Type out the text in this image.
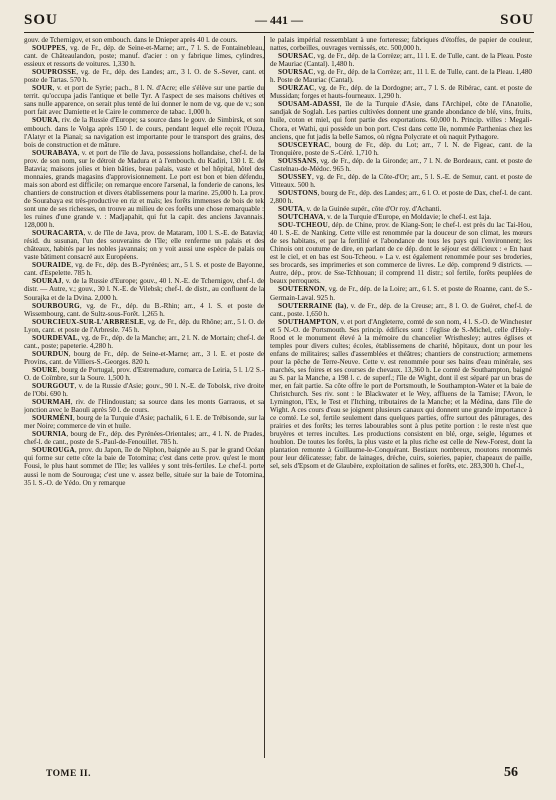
SOU	— 441 —	SOU

gouv. de Tchernigov, et son embouch. dans le Dnieper après 40 l. de cours.

SOUPPES, vg. de Fr., dép. de Seine-et-Marne; arr., 7 l. S. de Fontainebleau, cant. de Châteaulandon, poste; manuf. d'acier : on y fabrique limes, cylindres, essieux et ressorts de voitures. 1,330 h.

SOUPROSSE, vg. de Fr., dép. des Landes; arr., 3 l. O. de S.-Sever, cant. et poste de Tartas. 570 h.

SOUR, v. et port de Syrie; pach., 8 l. N. d'Acre; elle s'élève sur une partie du territ. qu'occupa jadis l'antique et belle Tyr. A l'aspect de ses maisons chétives et sans nulle apparence, on serait plus tenté de lui donner le nom de vg. que de v.; son port fait avec Damiette et le Caire le commerce de tabac. 1,000 h.

SOURA, riv. de la Russie d'Europe; sa source dans le gouv. de Simbirsk, et son embouch. dans le Volga après 150 l. de cours, pendant lequel elle reçoit l'Ouza, l'Alatyr et la Pianai; sa navigation est importante pour le transport des grains, des bois de construction et de mâture.

SOURABAYA, v. et port de l'île de Java, possessions hollandaise, chef-l. de la prov. de son nom, sur le détroit de Madura et à l'embouch. du Kadiri, 130 l. E. de Batavia; maisons jolies et bien bâties, beau palais, vaste et bel hôpital, hôtel des monnaies, grands magasins d'approvisionnement. Le port est bon et bien défendu, mais son abord est difficile; on remarque encore l'arsenal, la fonderie de canons, les chantiers de construction et divers établissemens pour la marine. 25,000 h. La prov. de Sourabaya est très-productive en riz et maïs; les forêts immenses de bois de tek sont une de ses richesses, on trouve au milieu de ces forêts une chose remarquable : les ruines d'une grande v. : Madjapahit, qui fut la capit. des anciens Javannais. 128,000 h.

SOURACARTA, v. de l'île de Java, prov. de Mataram, 100 l. S.-E. de Batavia; résid. du susunan, l'un des souverains de l'île; elle renferme un palais et des châteaux, habités par les nobles javannais; on y voit aussi une espèce de palais ou vaste bâtiment consacré aux Européens.

SOURAIDE, vg. de Fr., dép. des B.-Pyrénées; arr., 5 l. S. et poste de Bayonne, cant. d'Espelette. 785 h.

SOURAJ, v. de la Russie d'Europe; gouv., 40 l. N.-E. de Tchernigov, chef-l. de distr. — Autre, v.; gouv., 30 l. N.-E. de Vilebsk; chef-l. de distr., au confluent de la Sourajka et de la Dvina. 2,000 h.

SOURBOURG, vg. de Fr., dép. du B.-Rhin; arr., 4 l. S. et poste de Wissembourg, cant. de Sultz-sous-Forêt. 1,265 h.

SOURCIEUX-SUR-L'ARBRESLE, vg. de Fr., dép. du Rhône; arr., 5 l. O. de Lyon, cant. et poste de l'Arbresle. 745 h.

SOURDEVAL, vg. de Fr., dép. de la Manche; arr., 2 l. N. de Mortain; chef-l. de cant., poste; papeterie. 4,280 h.

SOURDUN, bourg de Fr., dép. de Seine-et-Marne; arr., 3 l. E. et poste de Provins, cant. de Villiers-S.-Georges. 820 h.

SOURE, bourg de Portugal, prov. d'Estremadure, comarca de Leiria, 5 l. 1/2 S.-O. de Coïmbre, sur la Soure. 1,500 h.

SOURGOUT, v. de la Russie d'Asie; gouv., 90 l. N.-E. de Tobolsk, rive droite de l'Obi. 690 h.

SOURMAH, riv. de l'Hindoustan; sa source dans les monts Garraous, et sa jonction avec le Baouli après 50 l. de cours.

SOURMÉNI, bourg de la Turquie d'Asie; pachalik, 6 l. E. de Trébisonde, sur la mer Noire; commerce de vin et huile.

SOURNIA, bourg de Fr., dép. des Pyrénées-Orientales; arr., 4 l. N. de Prades, chef-l. de cant., poste de S.-Paul-de-Fenouillet. 785 h.

SOUROUGA, prov. du Japon, île de Niphon, baignée au S. par le grand Océan qui forme sur cette côte la baie de Totomina; c'est dans cette prov. qu'est le mont Fousi, le plus haut sommet de l'île; les vallées y sont très-fertiles. Le chef-l. porte aussi le nom de Sourouga; c'est une v. assez belle, située sur la baie de Totomina, 35 l. S.-O. de Yédo. On y remarque

le palais impérial ressemblant à une forteresse; fabriques d'étoffes, de papier de couleur, nattes, corbeilles, ouvrages vernissés, etc. 500,000 h.

SOURSAC, vg. de Fr., dép. de la Corrèze; arr., 11 l. E. de Tulle, cant. de la Pleau. Poste de Mauriac (Cantal). 1,480 h.

SOURSAC, vg. de Fr., dép. de la Corrèze; arr., 11 l. E. de Tulle, cant. de la Pleau. 1,480 h. Poste de Mauriac (Cantal).

SOURZAC, vg. de Fr., dép. de la Dordogne; arr., 7 l. S. de Ribérac, cant. et poste de Mussidan; forges et hauts-fourneaux. 1,290 h.

SOUSAM-ADASSI, île de la Turquie d'Asie, dans l'Archipel, côte de l'Anatolie, sandjak de Soglah. Les parties cultivées donnent une grande abondance de blé, vins, fruits, huile, coton et miel, qui font partie des exportations. 60,000 h. Princip. villes : Megali-Chora, et Wathi, qui possède un bon port. C'est dans cette île, nommée Parthenias chez les anciens, que fut jadis la belle Samos, où régna Polycrate et où naquit Pythagore.

SOUSCEYRAC, bourg de Fr., dép. du Lot; arr., 7 l. N. de Figeac, cant. de la Tronquière, poste de S.-Céré. 1,710 h.

SOUSSANS, vg. de Fr., dép. de la Gironde; arr., 7 l. N. de Bordeaux, cant. et poste de Castelnau-de-Médoc. 965 h.

SOUSSEY, vg. de Fr., dép. de la Côte-d'Or; arr., 5 l. S.-E. de Semur, cant. et poste de Vitteaux. 500 h.

SOUSTONS, bourg de Fr., dép. des Landes; arr., 6 l. O. et poste de Dax, chef-l. de cant. 2,800 h.

SOUTA, v. de la Guinée supér., côte d'Or roy. d'Achanti.

SOUTCHAVA, v. de la Turquie d'Europe, en Moldavie; le chef-l. est Iaja.

SOU-TCHEOU, dép. de Chine, prov. de Kiang-Son; le chef-l. est près du lac Tai-Hou, 40 l. S.-E. de Nanking. Cette ville est renommée par la douceur de son climat, les mœurs de ses habitans, et par la fertilité et l'abondance de tous les pays qui l'environnent; les Chinois ont coutume de dire, en parlant de ce dép. dont le séjour est délicieux : « En haut est le ciel, et en bas est Sou-Tcheou. » La v. est également renommée pour ses broderies, ses brocards, ses imprimeries et son commerce de livres. Le dép. comprend 9 districts. — Autre, dép., prov. de Sse-Tchhouan; il comprend 11 distr.; sol fertile, forêts peuplées de beaux perroquets.

SOUTERNON, vg. de Fr., dép. de la Loire; arr., 6 l. S. et poste de Roanne, cant. de S.-Germain-Laval. 925 h.

SOUTERRAINE (la), v. de Fr., dép. de la Creuse; arr., 8 l. O. de Guéret, chef-l. de cant., poste. 1,650 h.

SOUTHAMPTON, v. et port d'Angleterre, comté de son nom, 4 l. S.-O. de Winchester et 5 N.-O. de Portsmouth. Ses princip. édifices sont : l'église de S.-Michel, celle d'Holy-Rood et le monument élevé à la mémoire du chancelier Wristhesley; autres églises et temples pour divers cultes; écoles, établissemens de charité, hôpitaux, dont un pour les enfans de militaires; salles d'assemblées et théâtres; chantiers de construction; armemens pour la pêche de Terre-Neuve. Cette v. est renommée pour ses bains d'eau minérale, ses marchés, ses foires et ses courses de chevaux. 13,360 h. Le comté de Southampton, baigné au S. par la Manche, a 198 l. c. de superf.; l'île de Wight, dont il est séparé par un bras de mer, en fait partie. Sa côte offre le port de Portsmouth, le Southampton-Water et la baie de Christchurch. Ses riv. sont : le Blackwater et le Wey, affluens de la Tamise; l'Avon, le Lymington, l'Ex, le Test et l'Itching, tributaires de la Manche; et la Médina, dans l'île de Wight. A ces cours d'eau se joignent plusieurs canaux qui donnent une grande importance à ce comté. Le sol, fertile seulement dans quelques parties, offre surtout des pâturages, des prairies et des forêts; les terres labourables sont à plus petite portion : le reste n'est que bruyères et terres incultes. Les productions consistent en blé, orge, seigle, légumes et houblon. De toutes les forêts, la plus vaste et la plus riche est celle de New-Forest, dont la plantation remonte à Guillaume-le-Conquérant. Bestiaux nombreux, moutons renommés pour leur délicatesse; fabr. de lainages, drèche, cuirs, soieries, papier, chapeaux de paille, sel, sels d'Epsom et de Glaubère, exploitation de salines et forêts, etc. 283,300 h. Chef-l.,

TOME II.	56
